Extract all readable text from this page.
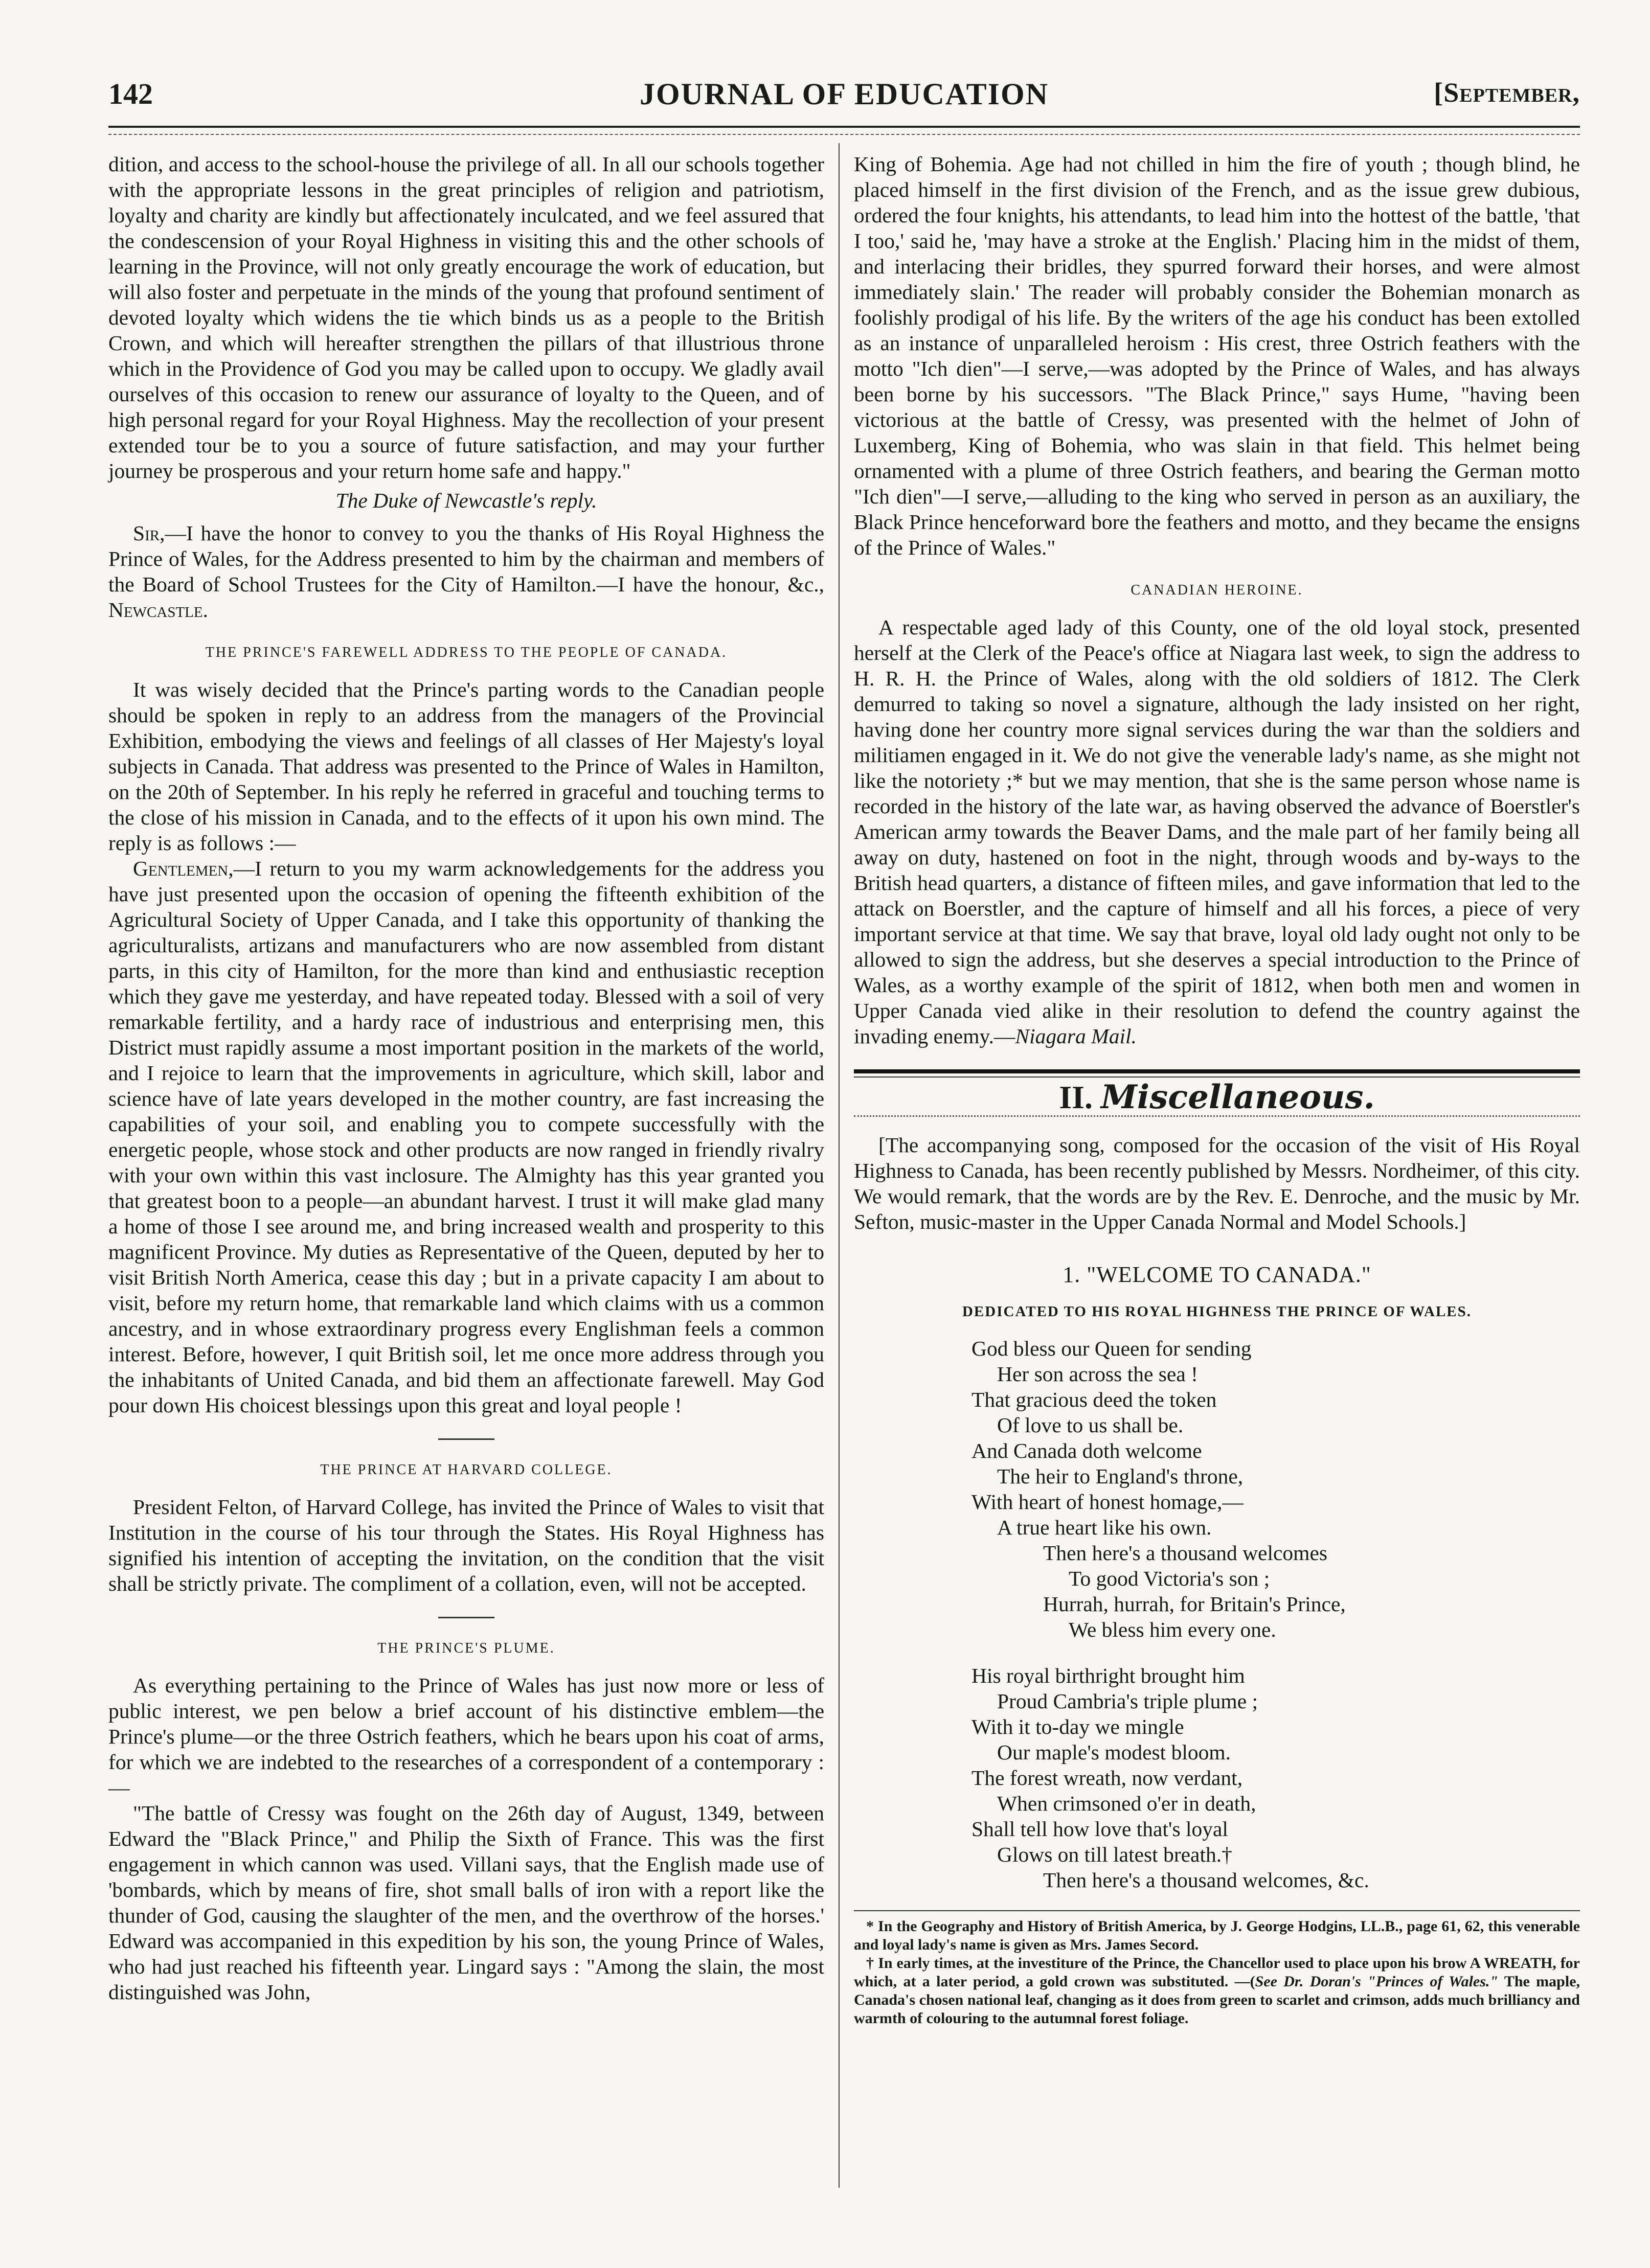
142	JOURNAL OF EDUCATION	[September,

dition, and access to the school-house the privilege of all. In all our schools together with the appropriate lessons in the great principles of religion and patriotism, loyalty and charity are kindly but affectionately inculcated, and we feel assured that the condescension of your Royal Highness in visiting this and the other schools of learning in the Province, will not only greatly encourage the work of education, but will also foster and perpetuate in the minds of the young that profound sentiment of devoted loyalty which widens the tie which binds us as a people to the British Crown, and which will hereafter strengthen the pillars of that illustrious throne which in the Providence of God you may be called upon to occupy. We gladly avail ourselves of this occasion to renew our assurance of loyalty to the Queen, and of high personal regard for your Royal Highness. May the recollection of your present extended tour be to you a source of future satisfaction, and may your further journey be prosperous and your return home safe and happy."

The Duke of Newcastle's reply.

Sir,—I have the honor to convey to you the thanks of His Royal Highness the Prince of Wales, for the Address presented to him by the chairman and members of the Board of School Trustees for the City of Hamilton.—I have the honour, &c., Newcastle.

THE PRINCE'S FAREWELL ADDRESS TO THE PEOPLE OF CANADA.

It was wisely decided that the Prince's parting words to the Canadian people should be spoken in reply to an address from the managers of the Provincial Exhibition, embodying the views and feelings of all classes of Her Majesty's loyal subjects in Canada. That address was presented to the Prince of Wales in Hamilton, on the 20th of September. In his reply he referred in graceful and touching terms to the close of his mission in Canada, and to the effects of it upon his own mind. The reply is as follows :—

Gentlemen,—I return to you my warm acknowledgements for the address you have just presented upon the occasion of opening the fifteenth exhibition of the Agricultural Society of Upper Canada, and I take this opportunity of thanking the agriculturalists, artizans and manufacturers who are now assembled from distant parts, in this city of Hamilton, for the more than kind and enthusiastic reception which they gave me yesterday, and have repeated today. Blessed with a soil of very remarkable fertility, and a hardy race of industrious and enterprising men, this District must rapidly assume a most important position in the markets of the world, and I rejoice to learn that the improvements in agriculture, which skill, labor and science have of late years developed in the mother country, are fast increasing the capabilities of your soil, and enabling you to compete successfully with the energetic people, whose stock and other products are now ranged in friendly rivalry with your own within this vast inclosure. The Almighty has this year granted you that greatest boon to a people—an abundant harvest. I trust it will make glad many a home of those I see around me, and bring increased wealth and prosperity to this magnificent Province. My duties as Representative of the Queen, deputed by her to visit British North America, cease this day ; but in a private capacity I am about to visit, before my return home, that remarkable land which claims with us a common ancestry, and in whose extraordinary progress every Englishman feels a common interest. Before, however, I quit British soil, let me once more address through you the inhabitants of United Canada, and bid them an affectionate farewell. May God pour down His choicest blessings upon this great and loyal people !

THE PRINCE AT HARVARD COLLEGE.

President Felton, of Harvard College, has invited the Prince of Wales to visit that Institution in the course of his tour through the States. His Royal Highness has signified his intention of accepting the invitation, on the condition that the visit shall be strictly private. The compliment of a collation, even, will not be accepted.

THE PRINCE'S PLUME.

As everything pertaining to the Prince of Wales has just now more or less of public interest, we pen below a brief account of his distinctive emblem—the Prince's plume—or the three Ostrich feathers, which he bears upon his coat of arms, for which we are indebted to the researches of a correspondent of a contemporary :—

"The battle of Cressy was fought on the 26th day of August, 1349, between Edward the "Black Prince," and Philip the Sixth of France. This was the first engagement in which cannon was used. Villani says, that the English made use of 'bombards, which by means of fire, shot small balls of iron with a report like the thunder of God, causing the slaughter of the men, and the overthrow of the horses.' Edward was accompanied in this expedition by his son, the young Prince of Wales, who had just reached his fifteenth year. Lingard says : "Among the slain, the most distinguished was John,

King of Bohemia. Age had not chilled in him the fire of youth ; though blind, he placed himself in the first division of the French, and as the issue grew dubious, ordered the four knights, his attendants, to lead him into the hottest of the battle, 'that I too,' said he, 'may have a stroke at the English.' Placing him in the midst of them, and interlacing their bridles, they spurred forward their horses, and were almost immediately slain.' The reader will probably consider the Bohemian monarch as foolishly prodigal of his life. By the writers of the age his conduct has been extolled as an instance of unparalleled heroism : His crest, three Ostrich feathers with the motto "Ich dien"—I serve,—was adopted by the Prince of Wales, and has always been borne by his successors. "The Black Prince," says Hume, "having been victorious at the battle of Cressy, was presented with the helmet of John of Luxemberg, King of Bohemia, who was slain in that field. This helmet being ornamented with a plume of three Ostrich feathers, and bearing the German motto "Ich dien"—I serve,—alluding to the king who served in person as an auxiliary, the Black Prince henceforward bore the feathers and motto, and they became the ensigns of the Prince of Wales."

CANADIAN HEROINE.

A respectable aged lady of this County, one of the old loyal stock, presented herself at the Clerk of the Peace's office at Niagara last week, to sign the address to H. R. H. the Prince of Wales, along with the old soldiers of 1812. The Clerk demurred to taking so novel a signature, although the lady insisted on her right, having done her country more signal services during the war than the soldiers and militiamen engaged in it. We do not give the venerable lady's name, as she might not like the notoriety ;* but we may mention, that she is the same person whose name is recorded in the history of the late war, as having observed the advance of Boerstler's American army towards the Beaver Dams, and the male part of her family being all away on duty, hastened on foot in the night, through woods and by-ways to the British head quarters, a distance of fifteen miles, and gave information that led to the attack on Boerstler, and the capture of himself and all his forces, a piece of very important service at that time. We say that brave, loyal old lady ought not only to be allowed to sign the address, but she deserves a special introduction to the Prince of Wales, as a worthy example of the spirit of 1812, when both men and women in Upper Canada vied alike in their resolution to defend the country against the invading enemy.—Niagara Mail.

II. Miscellaneous.

[The accompanying song, composed for the occasion of the visit of His Royal Highness to Canada, has been recently published by Messrs. Nordheimer, of this city. We would remark, that the words are by the Rev. E. Denroche, and the music by Mr. Sefton, music-master in the Upper Canada Normal and Model Schools.]

1. "WELCOME TO CANADA."

DEDICATED TO HIS ROYAL HIGHNESS THE PRINCE OF WALES.

God bless our Queen for sending
Her son across the sea !
That gracious deed the token
Of love to us shall be.
And Canada doth welcome
The heir to England's throne,
With heart of honest homage,—
A true heart like his own.
Then here's a thousand welcomes
To good Victoria's son ;
Hurrah, hurrah, for Britain's Prince,
We bless him every one.
His royal birthright brought him
Proud Cambria's triple plume ;
With it to-day we mingle
Our maple's modest bloom.
The forest wreath, now verdant,
When crimsoned o'er in death,
Shall tell how love that's loyal
Glows on till latest breath.†
Then here's a thousand welcomes, &c.

* In the Geography and History of British America, by J. George Hodgins, LL.B., page 61, 62, this venerable and loyal lady's name is given as Mrs. James Secord.

† In early times, at the investiture of the Prince, the Chancellor used to place upon his brow A WREATH, for which, at a later period, a gold crown was substituted. —(See Dr. Doran's "Princes of Wales." The maple, Canada's chosen national leaf, changing as it does from green to scarlet and crimson, adds much brilliancy and warmth of colouring to the autumnal forest foliage.
